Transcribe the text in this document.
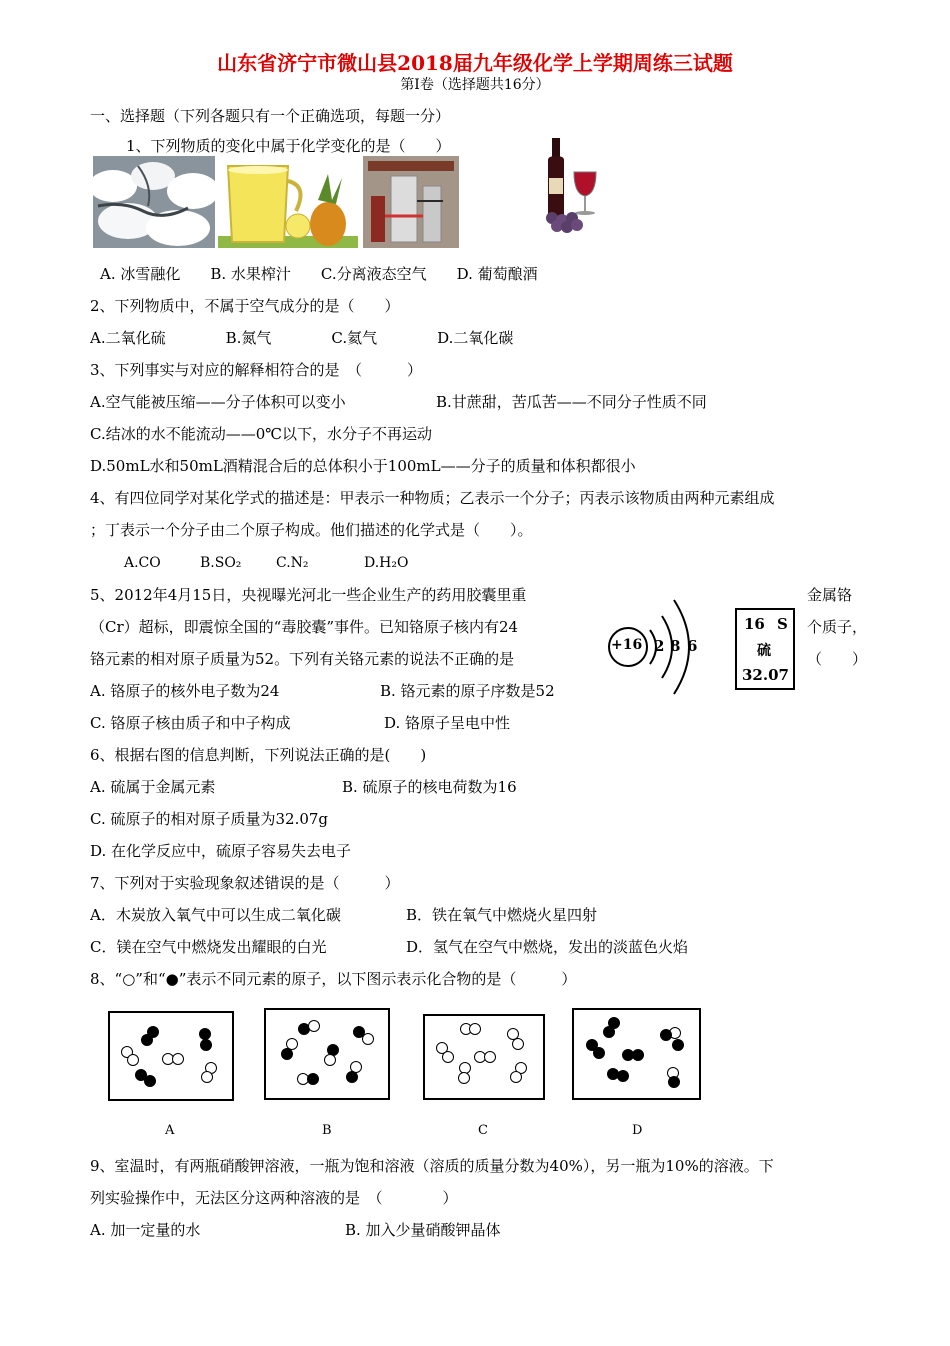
山东省济宁市微山县2018届九年级化学上学期周练三试题
第Ⅰ卷（选择题共16分）
一、选择题（下列各题只有一个正确选项，每题一分）
1、下列物质的变化中属于化学变化的是（　　）
A. 冰雪融化　　B. 水果榨汁　　C.分离液态空气　　D. 葡萄酿酒
2、下列物质中，不属于空气成分的是（　　）
A.二氧化硫　　　　B.氮气　　　　C.氦气　　　　D.二氧化碳
3、下列事实与对应的解释相符合的是　（　　　）
A.空气能被压缩——分子体积可以变小	B.甘蔗甜，苦瓜苦——不同分子性质不同
C.结冰的水不能流动——0℃以下，水分子不再运动
D.50mL水和50mL酒精混合后的总体积小于100mL——分子的质量和体积都很小
4、有四位同学对某化学式的描述是：甲表示一种物质；乙表示一个分子；丙表示该物质由两种元素组成
；丁表示一个分子由二个原子构成。他们描述的化学式是（　　）。
A.CO	B.SO₂ C.N₂	D.H₂O
5、2012年4月15日，央视曝光河北一些企业生产的药用胶囊里重	金属铬
（Cr）超标，即震惊全国的“毒胶囊”事件。已知铬原子核内有24	个质子，
铬元素的相对原子质量为52。下列有关铬元素的说法不正确的是	（　　）
+16 2 8 6
16 S
硫
32.07
A. 铬原子的核外电子数为24	B. 铬元素的原子序数是52
C. 铬原子核由质子和中子构成	D. 铬原子呈电中性
6、根据右图的信息判断，下列说法正确的是(　　)
A. 硫属于金属元素	B. 硫原子的核电荷数为16
C. 硫原子的相对原子质量为32.07g
D. 在化学反应中，硫原子容易失去电子
7、下列对于实验现象叙述错误的是（　　　）
A．木炭放入氧气中可以生成二氧化碳	B．铁在氧气中燃烧火星四射
C．镁在空气中燃烧发出耀眼的白光	D．氢气在空气中燃烧，发出的淡蓝色火焰
8、“○”和“●”表示不同元素的原子，以下图示表示化合物的是（　　　）
A	B	C	D
9、室温时，有两瓶硝酸钾溶液，一瓶为饱和溶液（溶质的质量分数为40%），另一瓶为10%的溶液。下
列实验操作中，无法区分这两种溶液的是　（　　　　）
A. 加一定量的水	B. 加入少量硝酸钾晶体
